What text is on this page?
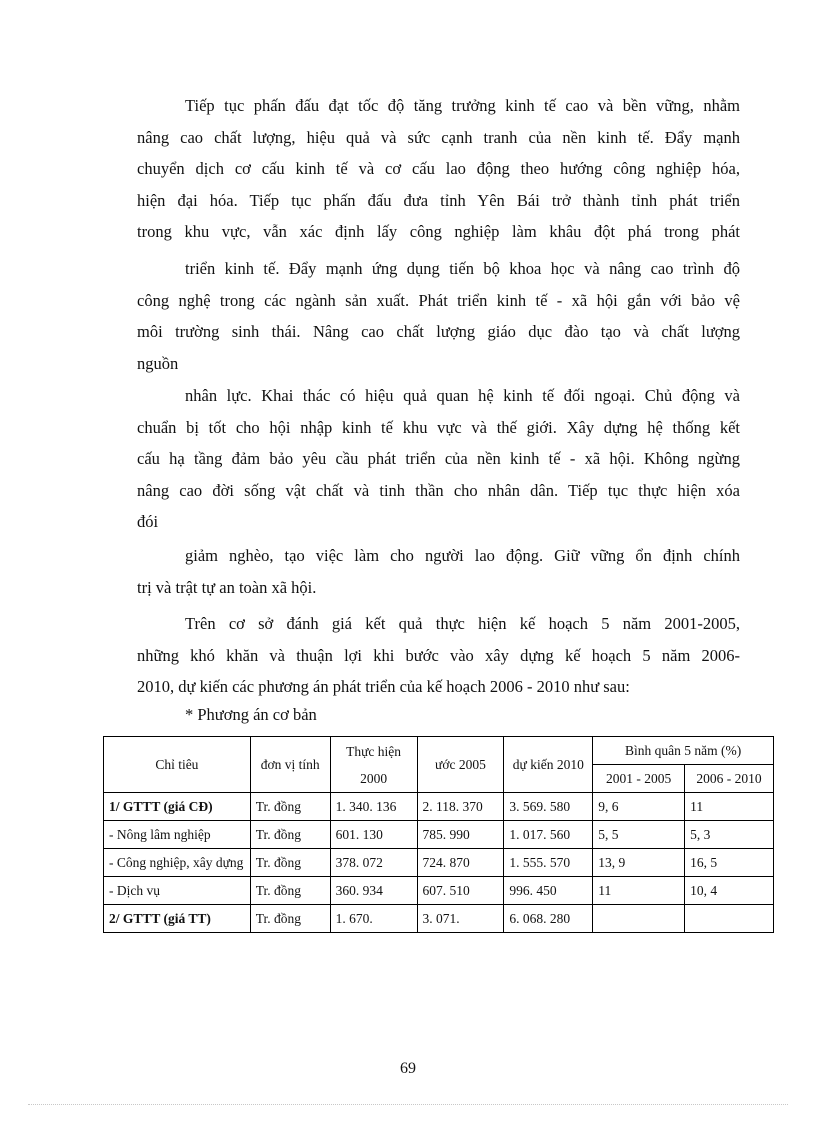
Tiếp tục phấn đấu đạt tốc độ tăng trưởng kinh tế cao và bền vững, nhằm
nâng cao chất lượng, hiệu quả và sức cạnh tranh của nền kinh tế. Đẩy mạnh
chuyển dịch cơ cấu kinh tế và cơ cấu lao động theo hướng công nghiệp hóa,
hiện đại hóa. Tiếp tục phấn đấu đưa tỉnh Yên Bái trở thành tỉnh phát triển
trong khu vực, vẫn xác định lấy công nghiệp làm khâu đột phá trong phát
triển kinh tế. Đẩy mạnh ứng dụng tiến bộ khoa học và nâng cao trình độ
công nghệ trong các ngành sản xuất. Phát triển kinh tế - xã hội gắn với bảo vệ
môi trường sinh thái. Nâng cao chất lượng giáo dục đào tạo và chất lượng
nguồn
nhân lực. Khai thác có hiệu quả quan hệ kinh tế đối ngoại. Chủ động và
chuẩn bị tốt cho hội nhập kinh tế khu vực và thế giới. Xây dựng hệ thống kết
cấu hạ tầng đảm bảo yêu cầu phát triển của nền kinh tế - xã hội. Không ngừng
nâng cao đời sống vật chất và tinh thần cho nhân dân. Tiếp tục thực hiện xóa
đói
giảm nghèo, tạo việc làm cho người lao động. Giữ vững ổn định chính
trị và trật tự an toàn xã hội.
Trên cơ sở đánh giá kết quả thực hiện kế hoạch 5 năm 2001-2005,
những khó khăn và thuận lợi khi bước vào xây dựng kế hoạch 5 năm 2006-
2010, dự kiến các phương án phát triển của kế hoạch 2006 - 2010 như sau:
* Phương án cơ bản
Chỉ tiêu	đơn vị tính	Thực hiện 2000	ước 2005	dự kiến 2010	Bình quân 5 năm (%)	
					2001 - 2005	2006 - 2010
1/ GTTT (giá CĐ)	Tr. đồng	1. 340. 136	2. 118. 370	3. 569. 580	9, 6	11
- Nông lâm nghiệp	Tr. đồng	601. 130	785. 990	1. 017. 560	5, 5	5, 3
- Công nghiệp, xây dựng	Tr. đồng	378. 072	724. 870	1. 555. 570	13, 9	16, 5
- Dịch vụ	Tr. đồng	360. 934	607. 510	996. 450	11	10, 4
2/ GTTT (giá TT)	Tr. đồng	1. 670.	3. 071.	6. 068. 280		
69
